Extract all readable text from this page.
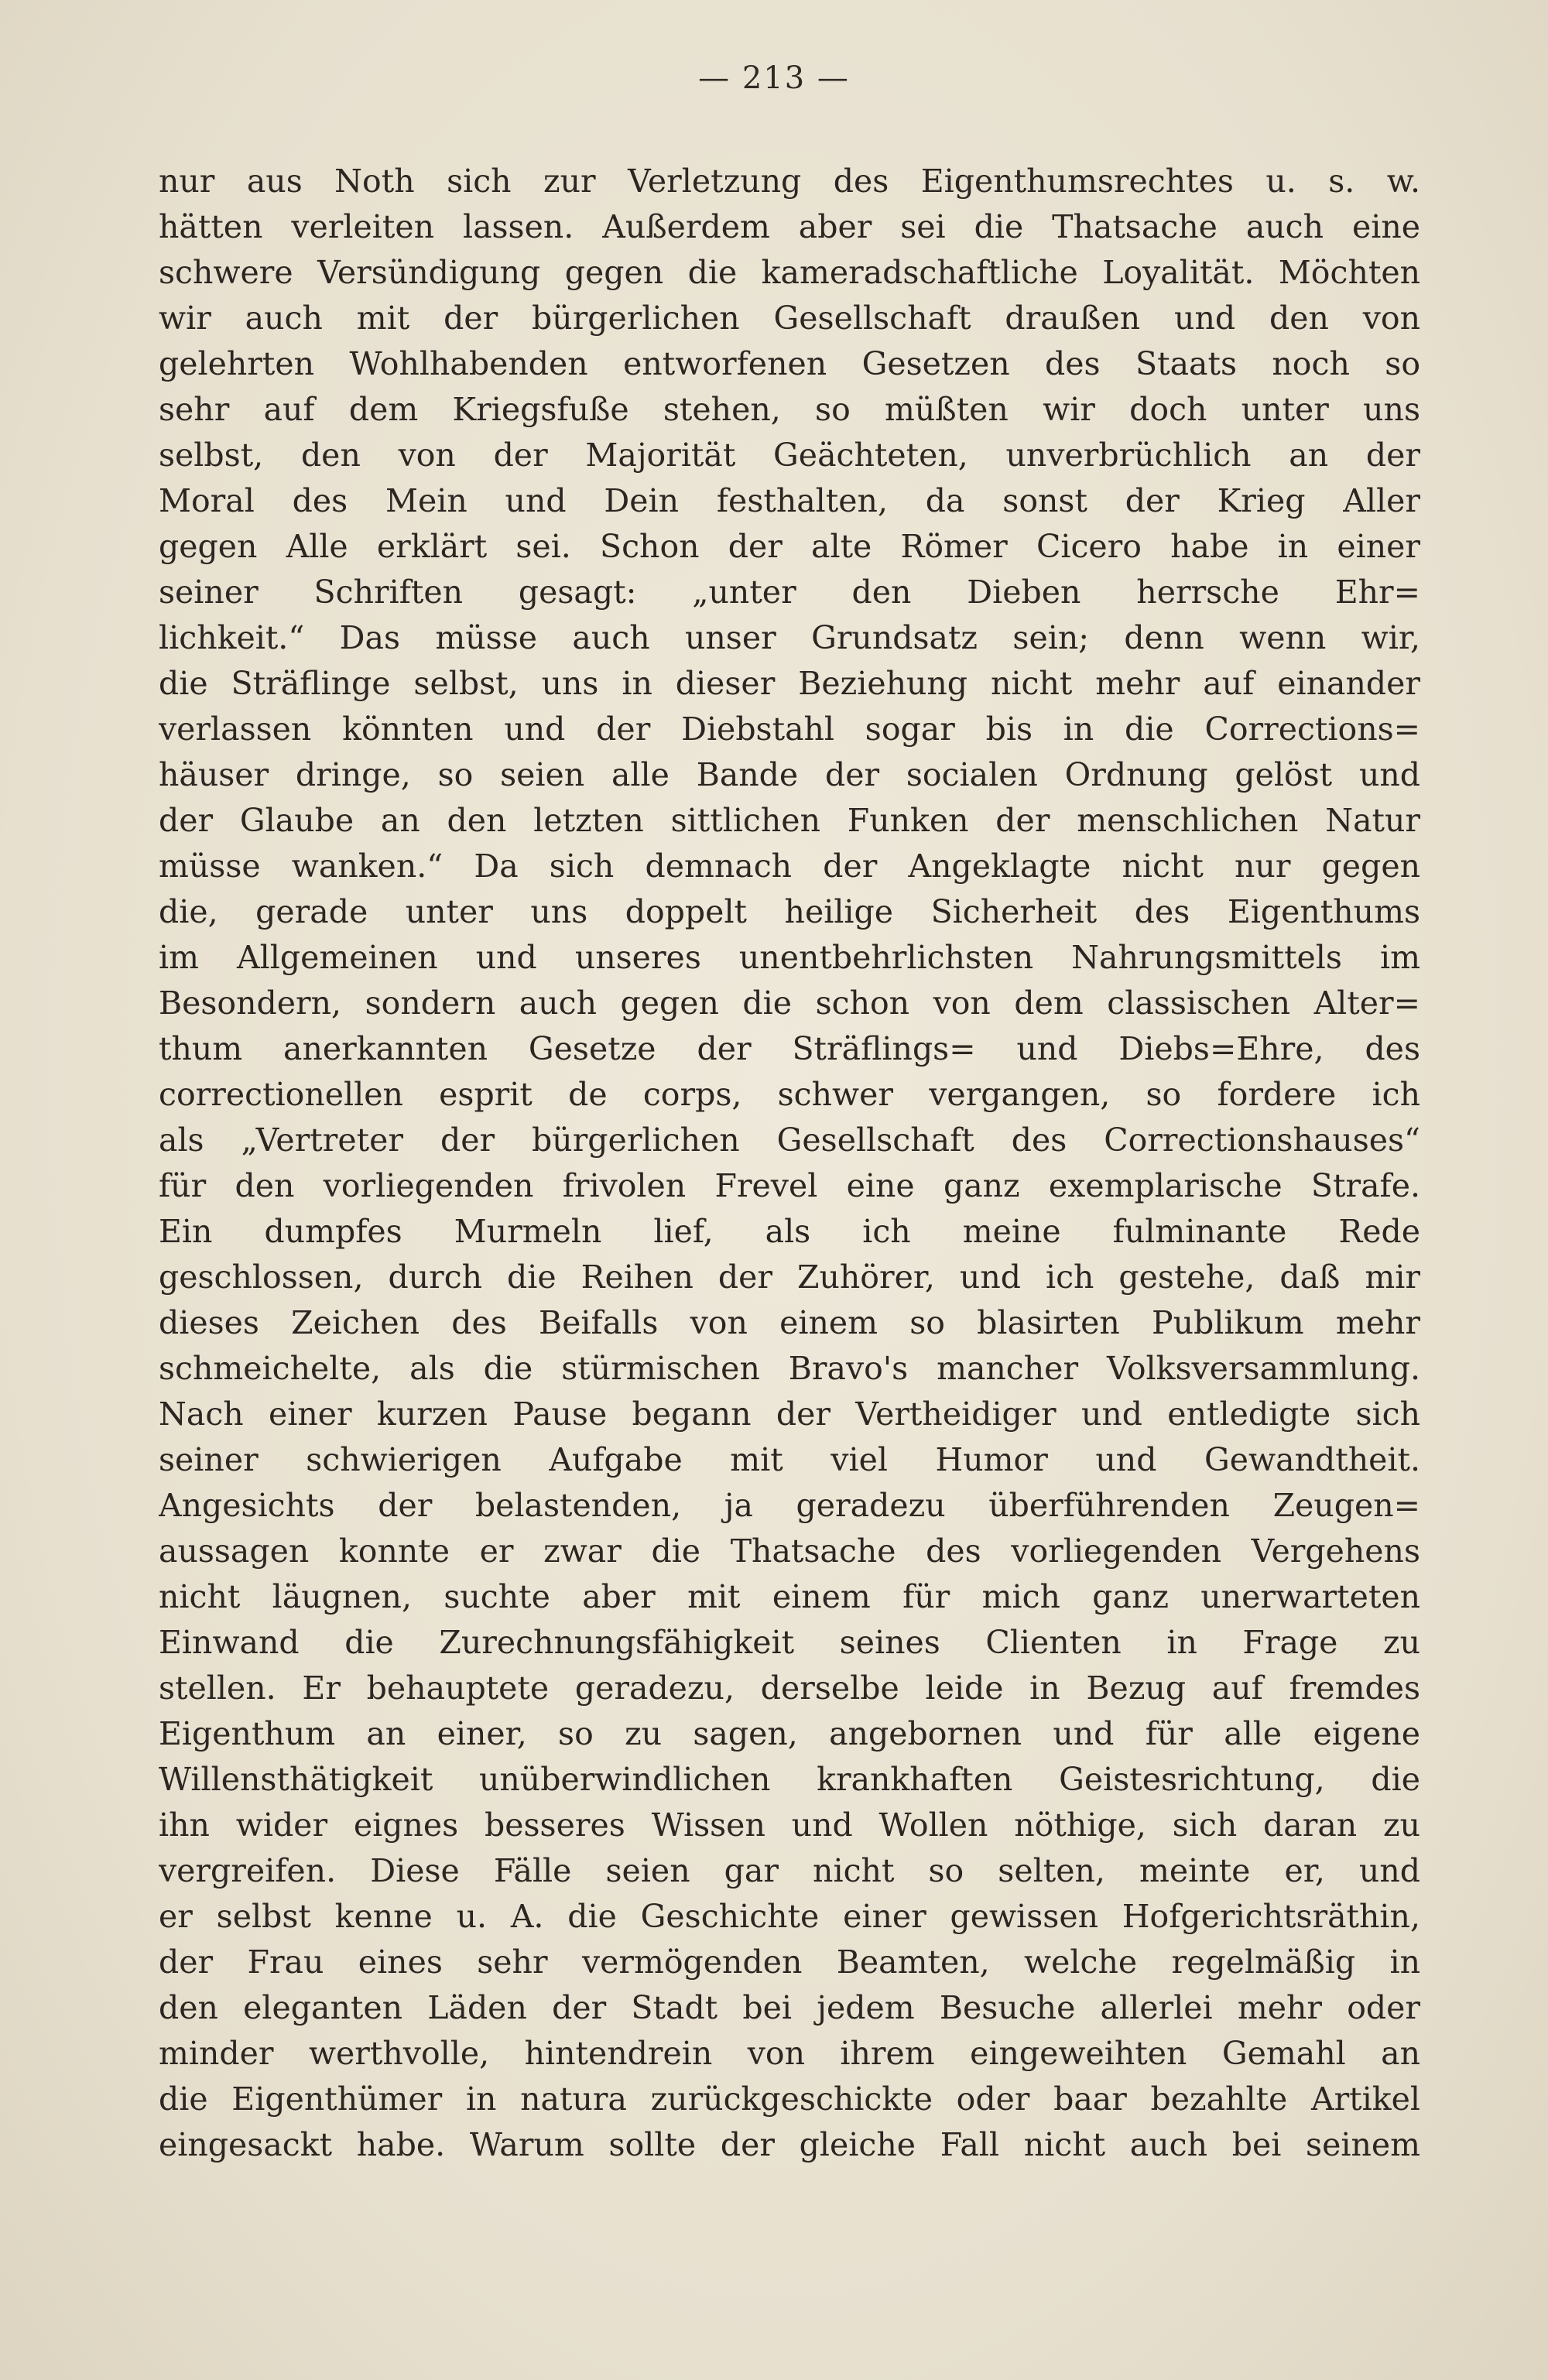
— 213 —
nur aus Noth sich zur Verletzung des Eigenthumsrechtes u. s. w.
hätten verleiten lassen. Außerdem aber sei die Thatsache auch eine
schwere Versündigung gegen die kameradschaftliche Loyalität. Möchten
wir auch mit der bürgerlichen Gesellschaft draußen und den von
gelehrten Wohlhabenden entworfenen Gesetzen des Staats noch so
sehr auf dem Kriegsfuße stehen, so müßten wir doch unter uns
selbst, den von der Majorität Geächteten, unverbrüchlich an der
Moral des Mein und Dein festhalten, da sonst der Krieg Aller
gegen Alle erklärt sei. Schon der alte Römer Cicero habe in einer
seiner Schriften gesagt: „unter den Dieben herrsche Ehr=
lichkeit.“ Das müsse auch unser Grundsatz sein; denn wenn wir,
die Sträflinge selbst, uns in dieser Beziehung nicht mehr auf einander
verlassen könnten und der Diebstahl sogar bis in die Corrections=
häuser dringe, so seien alle Bande der socialen Ordnung gelöst und
der Glaube an den letzten sittlichen Funken der menschlichen Natur
müsse wanken.“ Da sich demnach der Angeklagte nicht nur gegen
die, gerade unter uns doppelt heilige Sicherheit des Eigenthums
im Allgemeinen und unseres unentbehrlichsten Nahrungsmittels im
Besondern, sondern auch gegen die schon von dem classischen Alter=
thum anerkannten Gesetze der Sträflings= und Diebs=Ehre, des
correctionellen esprit de corps, schwer vergangen, so fordere ich
als „Vertreter der bürgerlichen Gesellschaft des Correctionshauses“
für den vorliegenden frivolen Frevel eine ganz exemplarische Strafe.
Ein dumpfes Murmeln lief, als ich meine fulminante Rede
geschlossen, durch die Reihen der Zuhörer, und ich gestehe, daß mir
dieses Zeichen des Beifalls von einem so blasirten Publikum mehr
schmeichelte, als die stürmischen Bravo's mancher Volksversammlung.
Nach einer kurzen Pause begann der Vertheidiger und entledigte sich
seiner schwierigen Aufgabe mit viel Humor und Gewandtheit.
Angesichts der belastenden, ja geradezu überführenden Zeugen=
aussagen konnte er zwar die Thatsache des vorliegenden Vergehens
nicht läugnen, suchte aber mit einem für mich ganz unerwarteten
Einwand die Zurechnungsfähigkeit seines Clienten in Frage zu
stellen. Er behauptete geradezu, derselbe leide in Bezug auf fremdes
Eigenthum an einer, so zu sagen, angebornen und für alle eigene
Willensthätigkeit unüberwindlichen krankhaften Geistesrichtung, die
ihn wider eignes besseres Wissen und Wollen nöthige, sich daran zu
vergreifen. Diese Fälle seien gar nicht so selten, meinte er, und
er selbst kenne u. A. die Geschichte einer gewissen Hofgerichtsräthin,
der Frau eines sehr vermögenden Beamten, welche regelmäßig in
den eleganten Läden der Stadt bei jedem Besuche allerlei mehr oder
minder werthvolle, hintendrein von ihrem eingeweihten Gemahl an
die Eigenthümer in natura zurückgeschickte oder baar bezahlte Artikel
eingesackt habe. Warum sollte der gleiche Fall nicht auch bei seinem
